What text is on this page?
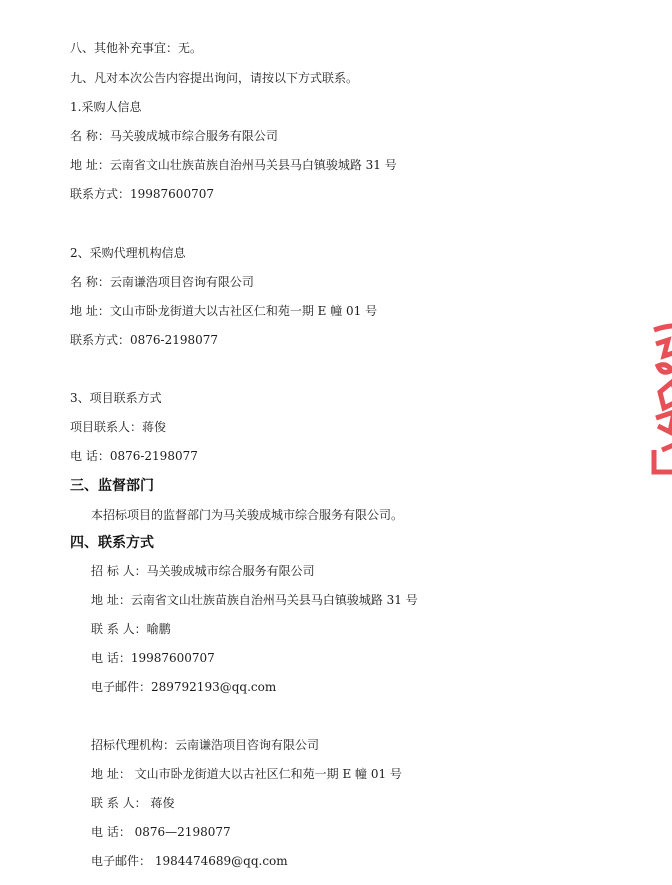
八、其他补充事宜：无。
九、凡对本次公告内容提出询问，请按以下方式联系。
1.采购人信息
名 称：马关骏成城市综合服务有限公司
地 址：云南省文山壮族苗族自治州马关县马白镇骏城路 31 号
联系方式：19987600707
2、采购代理机构信息
名 称：云南谦浩项目咨询有限公司
地 址：文山市卧龙街道大以古社区仁和苑一期 E 幢 01 号
联系方式：0876-2198077
3、项目联系方式
项目联系人：蒋俊
电 话：0876-2198077
三、监督部门
本招标项目的监督部门为马关骏成城市综合服务有限公司。
四、联系方式
招 标 人：马关骏成城市综合服务有限公司
地 址：云南省文山壮族苗族自治州马关县马白镇骏城路 31 号
联 系 人：喻鹏
电 话：19987600707
电子邮件：289792193@qq.com
招标代理机构：云南谦浩项目咨询有限公司
地 址： 文山市卧龙街道大以古社区仁和苑一期 E 幢 01 号
联 系 人： 蒋俊
电 话： 0876—2198077
电子邮件： 1984474689@qq.com
